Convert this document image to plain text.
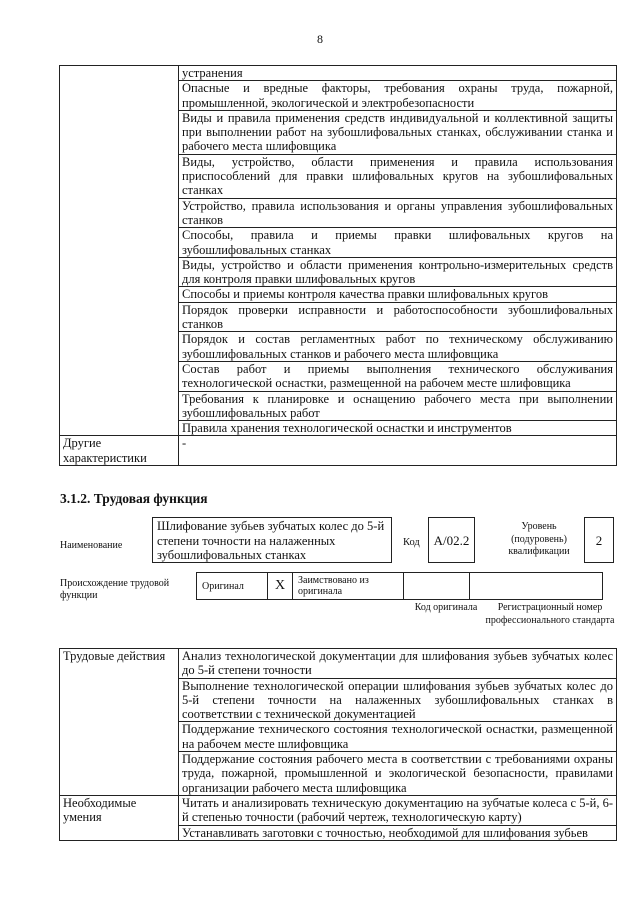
8
	устранения
	Опасные и вредные факторы, требования охраны труда, пожарной, промышленной, экологической и электробезопасности
	Виды и правила применения средств индивидуальной и коллективной защиты при выполнении работ на зубошлифовальных станках, обслуживании станка и рабочего места шлифовщика
	Виды, устройство, области применения и правила использования приспособлений для правки шлифовальных кругов на зубошлифовальных станках
	Устройство, правила использования и органы управления зубошлифовальных станков
	Способы, правила и приемы правки шлифовальных кругов на зубошлифовальных станках
	Виды, устройство и области применения контрольно-измерительных средств для контроля правки шлифовальных кругов
	Способы и приемы контроля качества правки шлифовальных кругов
	Порядок проверки исправности и работоспособности зубошлифовальных станков
	Порядок и состав регламентных работ по техническому обслуживанию зубошлифовальных станков и рабочего места шлифовщика
	Состав работ и приемы выполнения технического обслуживания технологической оснастки, размещенной на рабочем месте шлифовщика
	Требования к планировке и оснащению рабочего места при выполнении зубошлифовальных работ
	Правила хранения технологической оснастки и инструментов
Другие характеристики	-
3.1.2. Трудовая функция
Наименование
Шлифование зубьев зубчатых колес до 5-й степени точности на налаженных зубошлифовальных станках
Код	А/02.2
Уровень (подуровень) квалификации
2
Происхождение трудовой функции
Оригинал	X	Заимствовано из оригинала		
Код оригинала	Регистрационный номер профессионального стандарта
Трудовые действия	Анализ технологической документации для шлифования зубьев зубчатых колес до 5-й степени точности
	Выполнение технологической операции шлифования зубьев зубчатых колес до 5-й степени точности на налаженных зубошлифовальных станках в соответствии с технической документацией
	Поддержание технического состояния технологической оснастки, размещенной на рабочем месте шлифовщика
	Поддержание состояния рабочего места в соответствии с требованиями охраны труда, пожарной, промышленной и экологической безопасности, правилами организации рабочего места шлифовщика
Необходимые умения	Читать и анализировать техническую документацию на зубчатые колеса с 5-й, 6-й степенью точности (рабочий чертеж, технологическую карту)
	Устанавливать заготовки с точностью, необходимой для шлифования зубьев
